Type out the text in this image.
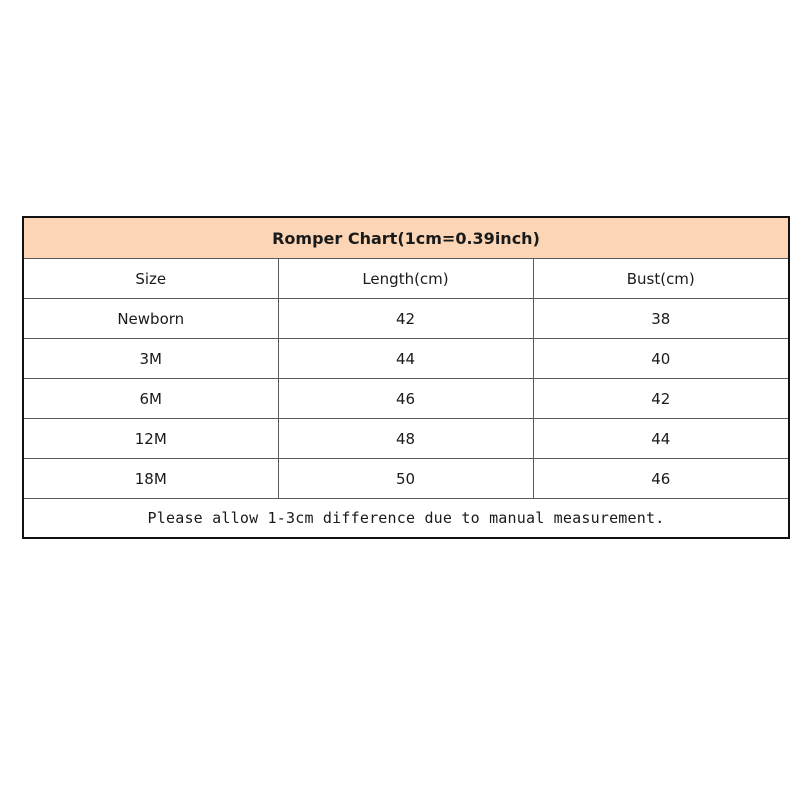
Romper Chart(1cm=0.39inch)		
Size	Length(cm)	Bust(cm)
Newborn	42	38
3M	44	40
6M	46	42
12M	48	44
18M	50	46
Please allow 1-3cm difference due to manual measurement.		
